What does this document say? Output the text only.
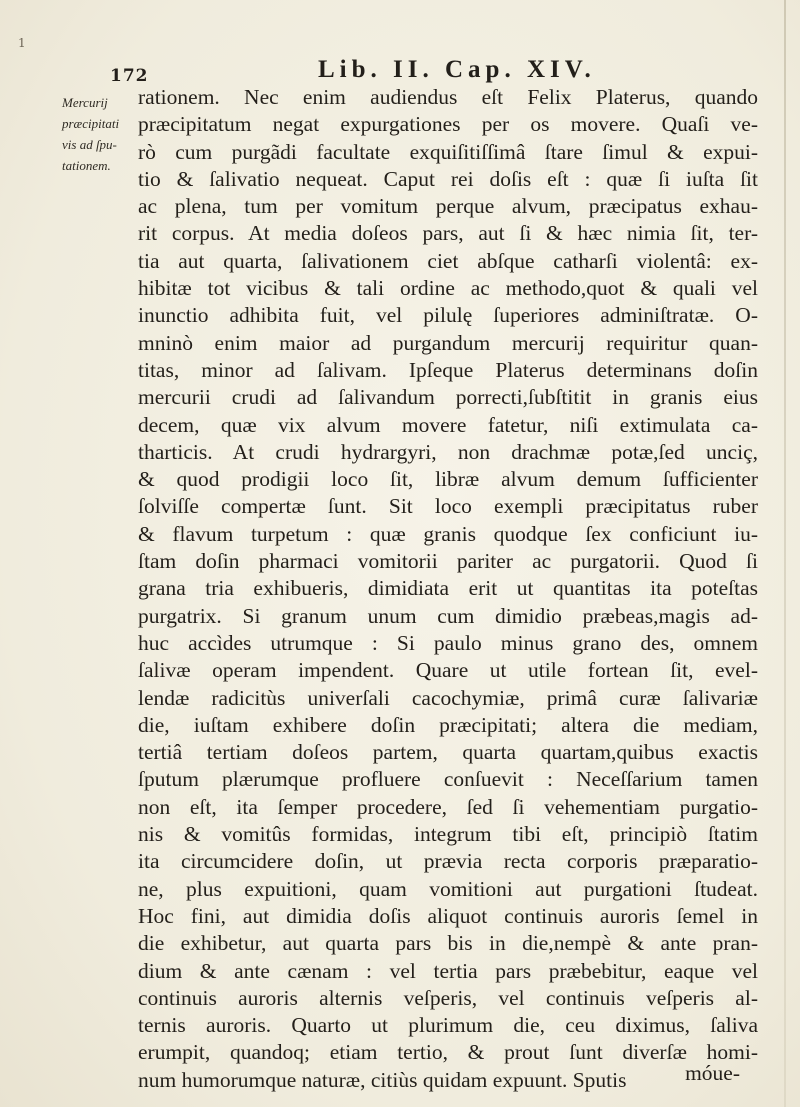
1
172	Lib. II. Cap. XIV.
Mercurij
præcipitati
vis ad ſpu-
tationem.
rationem. Nec enim audiendus eſt Felix Platerus, quando
præcipitatum negat expurgationes per os movere. Quaſi ve-
rò cum purgãdi facultate exquiſitiſſimâ ſtare ſimul & expui-
tio & ſalivatio nequeat. Caput rei doſis eſt : quæ ſi iuſta ſit
ac plena, tum per vomitum perque alvum, præcipatus exhau-
rit corpus. At media doſeos pars, aut ſi & hæc nimia ſit, ter-
tia aut quarta, ſalivationem ciet abſque catharſi violentâ: ex-
hibitæ tot vicibus & tali ordine ac methodo,quot & quali vel
inunctio adhibita fuit, vel pilulę ſuperiores adminiſtratæ. O-
mninò enim maior ad purgandum mercurij requiritur quan-
titas, minor ad ſalivam. Ipſeque Platerus determinans doſin
mercurii crudi ad ſalivandum porrecti,ſubſtitit in granis eius
decem, quæ vix alvum movere fatetur, niſi extimulata ca-
tharticis. At crudi hydrargyri, non drachmæ potæ,ſed unciç,
& quod prodigii loco ſit, libræ alvum demum ſufficienter
ſolviſſe compertæ ſunt. Sit loco exempli præcipitatus ruber
& flavum turpetum : quæ granis quodque ſex conficiunt iu-
ſtam doſin pharmaci vomitorii pariter ac purgatorii. Quod ſi
grana tria exhibueris, dimidiata erit ut quantitas ita poteſtas
purgatrix. Si granum unum cum dimidio præbeas,magis ad-
huc accìdes utrumque : Si paulo minus grano des, omnem
ſalivæ operam impendent. Quare ut utile fortean ſit, evel-
lendæ radicitùs univerſali cacochymiæ, primâ curæ ſalivariæ
die, iuſtam exhibere doſin præcipitati; altera die mediam,
tertiâ tertiam doſeos partem, quarta quartam,quibus exactis
ſputum plærumque profluere conſuevit : Neceſſarium tamen
non eſt, ita ſemper procedere, ſed ſi vehementiam purgatio-
nis & vomitûs formidas, integrum tibi eſt, principiò ſtatim
ita circumcidere doſin, ut prævia recta corporis præparatio-
ne, plus expuitioni, quam vomitioni aut purgationi ſtudeat.
Hoc fini, aut dimidia doſis aliquot continuis auroris ſemel in
die exhibetur, aut quarta pars bis in die,nempè & ante pran-
dium & ante cænam : vel tertia pars præbebitur, eaque vel
continuis auroris alternis veſperis, vel continuis veſperis al-
ternis auroris. Quarto ut plurimum die, ceu diximus, ſaliva
erumpit, quandoq; etiam tertio, & prout ſunt diverſæ homi-
num humorumque naturæ, citiùs quidam expuunt. Sputis	móue-
